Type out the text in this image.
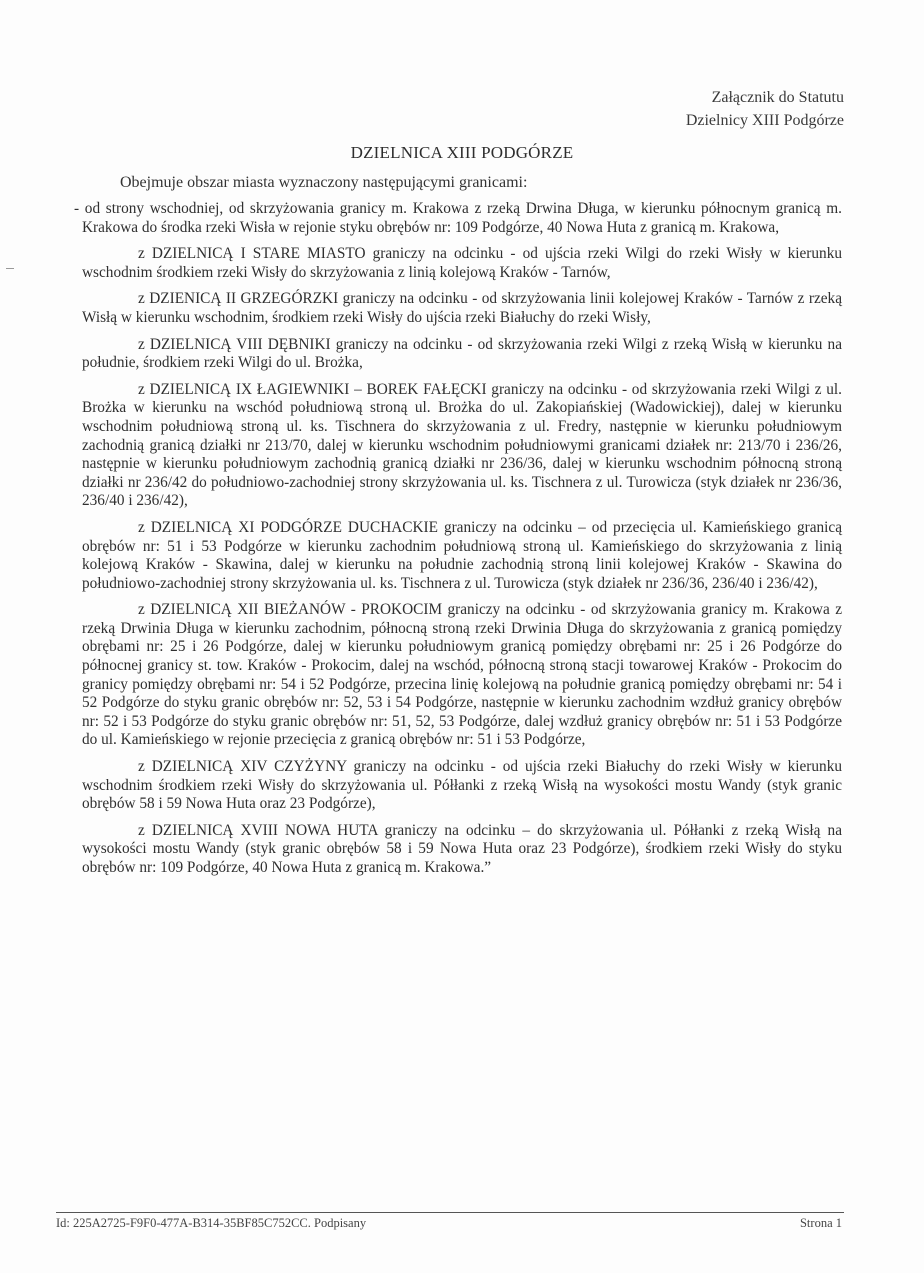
Załącznik do Statutu
Dzielnicy XIII Podgórze
DZIELNICA XIII PODGÓRZE
Obejmuje obszar miasta wyznaczony następującymi granicami:

- od strony wschodniej, od skrzyżowania granicy m. Krakowa z rzeką Drwina Długa, w kierunku północnym granicą m. Krakowa do środka rzeki Wisła w rejonie styku obrębów nr: 109 Podgórze, 40 Nowa Huta z granicą m. Krakowa,

z DZIELNICĄ I STARE MIASTO graniczy na odcinku - od ujścia rzeki Wilgi do rzeki Wisły w kierunku wschodnim środkiem rzeki Wisły do skrzyżowania z linią kolejową Kraków - Tarnów,

z DZIENICĄ II GRZEGÓRZKI graniczy na odcinku - od skrzyżowania linii kolejowej Kraków - Tarnów z rzeką Wisłą w kierunku wschodnim, środkiem rzeki Wisły do ujścia rzeki Białuchy do rzeki Wisły,

z DZIELNICĄ VIII DĘBNIKI graniczy na odcinku - od skrzyżowania rzeki Wilgi z rzeką Wisłą w kierunku na południe, środkiem rzeki Wilgi do ul. Brożka,

z DZIELNICĄ IX ŁAGIEWNIKI – BOREK FAŁĘCKI graniczy na odcinku - od skrzyżowania rzeki Wilgi z ul. Brożka w kierunku na wschód południową stroną ul. Brożka do ul. Zakopiańskiej (Wadowickiej), dalej w kierunku wschodnim południową stroną ul. ks. Tischnera do skrzyżowania z ul. Fredry, następnie w kierunku południowym zachodnią granicą działki nr 213/70, dalej w kierunku wschodnim południowymi granicami działek nr: 213/70 i 236/26, następnie w kierunku południowym zachodnią granicą działki nr 236/36, dalej w kierunku wschodnim północną stroną działki nr 236/42 do południowo-zachodniej strony skrzyżowania ul. ks. Tischnera z ul. Turowicza (styk działek nr 236/36, 236/40 i 236/42),

z DZIELNICĄ XI PODGÓRZE DUCHACKIE graniczy na odcinku – od przecięcia ul. Kamieńskiego granicą obrębów nr: 51 i 53 Podgórze w kierunku zachodnim południową stroną ul. Kamieńskiego do skrzyżowania z linią kolejową Kraków - Skawina, dalej w kierunku na południe zachodnią stroną linii kolejowej Kraków - Skawina do południowo-zachodniej strony skrzyżowania ul. ks. Tischnera z ul. Turowicza (styk działek nr 236/36, 236/40 i 236/42),

z DZIELNICĄ XII BIEŻANÓW - PROKOCIM graniczy na odcinku - od skrzyżowania granicy m. Krakowa z rzeką Drwinia Długa w kierunku zachodnim, północną stroną rzeki Drwinia Długa do skrzyżowania z granicą pomiędzy obrębami nr: 25 i 26 Podgórze, dalej w kierunku południowym granicą pomiędzy obrębami nr: 25 i 26 Podgórze do północnej granicy st. tow. Kraków - Prokocim, dalej na wschód, północną stroną stacji towarowej Kraków - Prokocim do granicy pomiędzy obrębami nr: 54 i 52 Podgórze, przecina linię kolejową na południe granicą pomiędzy obrębami nr: 54 i 52 Podgórze do styku granic obrębów nr: 52, 53 i 54 Podgórze, następnie w kierunku zachodnim wzdłuż granicy obrębów nr: 52 i 53 Podgórze do styku granic obrębów nr: 51, 52, 53 Podgórze, dalej wzdłuż granicy obrębów nr: 51 i 53 Podgórze do ul. Kamieńskiego w rejonie przecięcia z granicą obrębów nr: 51 i 53 Podgórze,

z DZIELNICĄ XIV CZYŻYNY graniczy na odcinku - od ujścia rzeki Białuchy do rzeki Wisły w kierunku wschodnim środkiem rzeki Wisły do skrzyżowania ul. Półłanki z rzeką Wisłą na wysokości mostu Wandy (styk granic obrębów 58 i 59 Nowa Huta oraz 23 Podgórze),

z DZIELNICĄ XVIII NOWA HUTA graniczy na odcinku – do skrzyżowania ul. Półłanki z rzeką Wisłą na wysokości mostu Wandy (styk granic obrębów 58 i 59 Nowa Huta oraz 23 Podgórze), środkiem rzeki Wisły do styku obrębów nr: 109 Podgórze, 40 Nowa Huta z granicą m. Krakowa.”

Id: 225A2725-F9F0-477A-B314-35BF85C752CC. Podpisany	Strona 1
